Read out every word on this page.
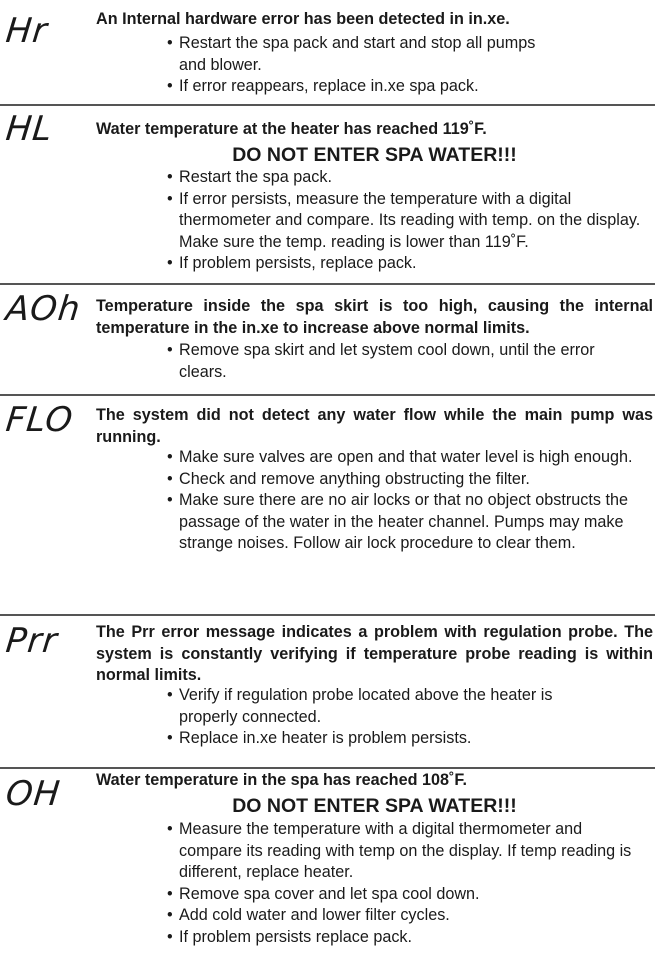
Hr	An Internal hardware error has been detected in in.xe.
• Restart the spa pack and start and stop all pumps and blower.
• If error reappears, replace in.xe spa pack.
HL	Water temperature at the heater has reached 119˚F.
DO NOT ENTER SPA WATER!!!
• Restart the spa pack.
• If error persists, measure the temperature with a digital thermometer and compare. Its reading with temp. on the display. Make sure the temp. reading is lower than 119˚F.
• If problem persists, replace pack.
AOh Temperature inside the spa skirt is too high, causing the internal temperature in the in.xe to increase above normal limits.
• Remove spa skirt and let system cool down, until the error clears.
FLO The system did not detect any water flow while the main pump was running.
• Make sure valves are open and that water level is high enough.
• Check and remove anything obstructing the filter.
• Make sure there are no air locks or that no object obstructs the passage of the water in the heater channel. Pumps may make strange noises. Follow air lock procedure to clear them.
Prr The Prr error message indicates a problem with regulation probe. The system is constantly verifying if temperature probe reading is within normal limits.
• Verify if regulation probe located above the heater is properly connected.
• Replace in.xe heater is problem persists.
OH Water temperature in the spa has reached 108˚F.
DO NOT ENTER SPA WATER!!!
• Measure the temperature with a digital thermometer and compare its reading with temp on the display. If temp reading is different, replace heater.
• Remove spa cover and let spa cool down.
• Add cold water and lower filter cycles.
• If problem persists replace pack.
